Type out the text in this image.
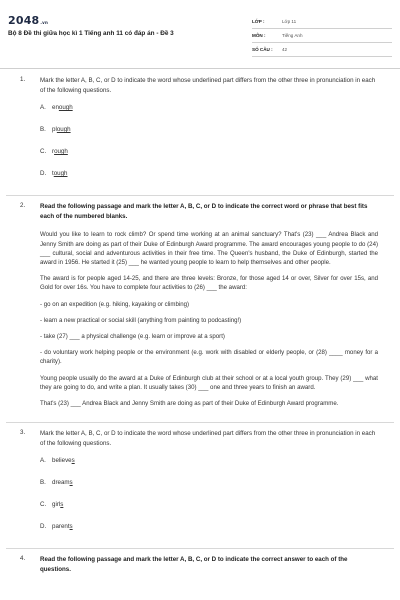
2048.vn
Bộ 8 Đề thi giữa học kì 1 Tiếng anh 11 có đáp án - Đề 3
LỚP :	Lớp 11
MÔN :	Tiếng Anh
SỐ CÂU :	42
1. Mark the letter A, B, C, or D to indicate the word whose underlined part differs from the other three in pronunciation in each of the following questions.
A. enough
B. plough
C. rough
D. tough
2. Read the following passage and mark the letter A, B, C, or D to indicate the correct word or phrase that best fits each of the numbered blanks.
Would you like to learn to rock climb? Or spend time working at an animal sanctuary? That's (23) ___ Andrea Black and Jenny Smith are doing as part of their Duke of Edinburgh Award programme. The award encourages young people to do (24) ___ cultural, social and adventurous activities in their free time. The Queen's husband, the Duke of Edinburgh, started the award in 1956. He started it (25) ___ he wanted young people to learn to help themselves and other people.
The award is for people aged 14-25, and there are three levels: Bronze, for those aged 14 or over, Silver for over 15s, and Gold for over 16s. You have to complete four activities to (26) ___ the award:
- go on an expedition (e.g. hiking, kayaking or climbing)
- learn a new practical or social skill (anything from painting to podcasting!)
- take (27) ___ a physical challenge (e.g. learn or improve at a sport)
- do voluntary work helping people or the environment (e.g. work with disabled or elderly people, or (28) ____ money for a charity).
Young people usually do the award at a Duke of Edinburgh club at their school or at a local youth group. They (29) ___ what they are going to do, and write a plan. It usually takes (30) ___ one and three years to finish an award.
That's (23) ___ Andrea Black and Jenny Smith are doing as part of their Duke of Edinburgh Award programme.
3. Mark the letter A, B, C, or D to indicate the word whose underlined part differs from the other three in pronunciation in each of the following questions.
A. believes
B. dreams
C. girls
D. parents
4. Read the following passage and mark the letter A, B, C, or D to indicate the correct answer to each of the questions.
